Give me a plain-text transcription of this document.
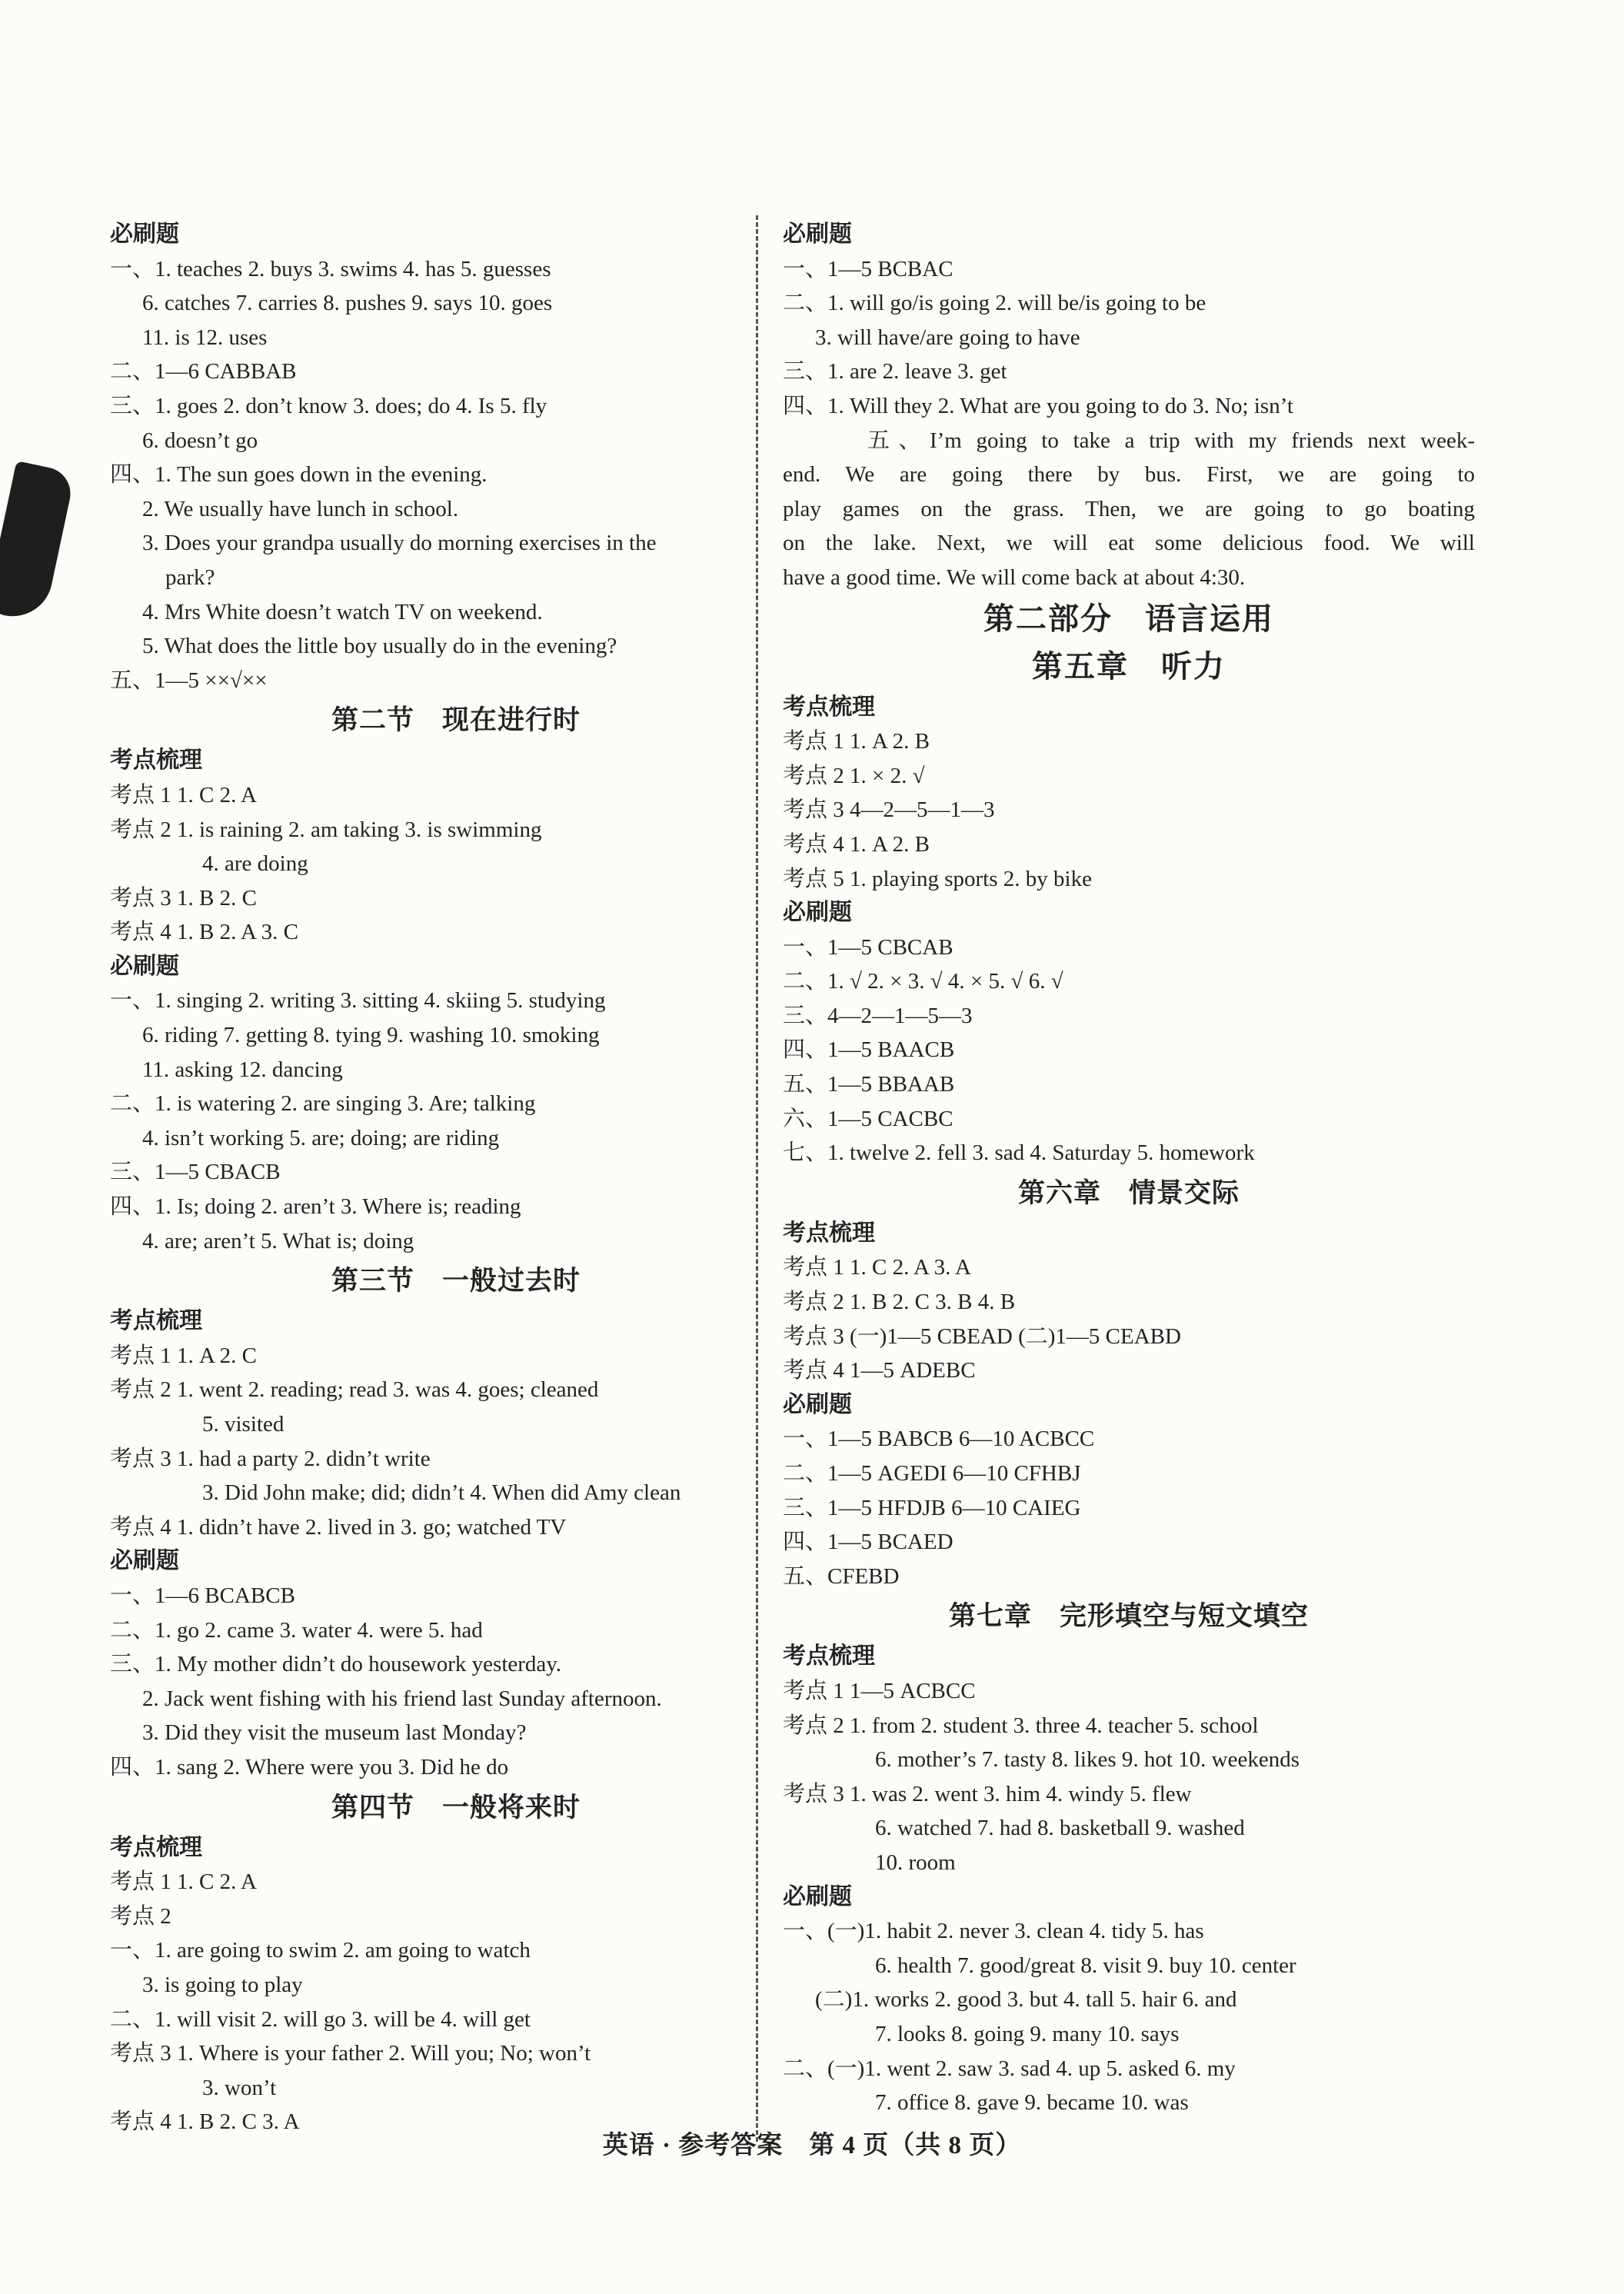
必刷题
一、1. teaches 2. buys 3. swims 4. has 5. guesses
6. catches 7. carries 8. pushes 9. says 10. goes
11. is 12. uses
二、1—6 CABBAB
三、1. goes 2. don’t know 3. does; do 4. Is 5. fly
6. doesn’t go
四、1. The sun goes down in the evening.
2. We usually have lunch in school.
3. Does your grandpa usually do morning exercises in the
park?
4. Mrs White doesn’t watch TV on weekend.
5. What does the little boy usually do in the evening?
五、1—5 ××√××
第二节　现在进行时
考点梳理
考点 1 1. C 2. A
考点 2 1. is raining 2. am taking 3. is swimming
4. are doing
考点 3 1. B 2. C
考点 4 1. B 2. A 3. C
必刷题
一、1. singing 2. writing 3. sitting 4. skiing 5. studying
6. riding 7. getting 8. tying 9. washing 10. smoking
11. asking 12. dancing
二、1. is watering 2. are singing 3. Are; talking
4. isn’t working 5. are; doing; are riding
三、1—5 CBACB
四、1. Is; doing 2. aren’t 3. Where is; reading
4. are; aren’t 5. What is; doing
第三节　一般过去时
考点梳理
考点 1 1. A 2. C
考点 2 1. went 2. reading; read 3. was 4. goes; cleaned
5. visited
考点 3 1. had a party 2. didn’t write
3. Did John make; did; didn’t 4. When did Amy clean
考点 4 1. didn’t have 2. lived in 3. go; watched TV
必刷题
一、1—6 BCABCB
二、1. go 2. came 3. water 4. were 5. had
三、1. My mother didn’t do housework yesterday.
2. Jack went fishing with his friend last Sunday afternoon.
3. Did they visit the museum last Monday?
四、1. sang 2. Where were you 3. Did he do
第四节　一般将来时
考点梳理
考点 1 1. C 2. A
考点 2
一、1. are going to swim 2. am going to watch
3. is going to play
二、1. will visit 2. will go 3. will be 4. will get
考点 3 1. Where is your father 2. Will you; No; won’t
3. won’t
考点 4 1. B 2. C 3. A
必刷题
一、1—5 BCBAC
二、1. will go/is going 2. will be/is going to be
3. will have/are going to have
三、1. are 2. leave 3. get
四、1. Will they 2. What are you going to do 3. No; isn’t
五、I’m going to take a trip with my friends next week-
end. We are going there by bus. First, we are going to
play games on the grass. Then, we are going to go boating
on the lake. Next, we will eat some delicious food. We will
have a good time. We will come back at about 4:30.
第二部分　语言运用
第五章　听力
考点梳理
考点 1 1. A 2. B
考点 2 1. × 2. √
考点 3 4—2—5—1—3
考点 4 1. A 2. B
考点 5 1. playing sports 2. by bike
必刷题
一、1—5 CBCAB
二、1. √ 2. × 3. √ 4. × 5. √ 6. √
三、4—2—1—5—3
四、1—5 BAACB
五、1—5 BBAAB
六、1—5 CACBC
七、1. twelve 2. fell 3. sad 4. Saturday 5. homework
第六章　情景交际
考点梳理
考点 1 1. C 2. A 3. A
考点 2 1. B 2. C 3. B 4. B
考点 3 (一)1—5 CBEAD (二)1—5 CEABD
考点 4 1—5 ADEBC
必刷题
一、1—5 BABCB 6—10 ACBCC
二、1—5 AGEDI 6—10 CFHBJ
三、1—5 HFDJB 6—10 CAIEG
四、1—5 BCAED
五、CFEBD
第七章　完形填空与短文填空
考点梳理
考点 1 1—5 ACBCC
考点 2 1. from 2. student 3. three 4. teacher 5. school
6. mother’s 7. tasty 8. likes 9. hot 10. weekends
考点 3 1. was 2. went 3. him 4. windy 5. flew
6. watched 7. had 8. basketball 9. washed
10. room
必刷题
一、(一)1. habit 2. never 3. clean 4. tidy 5. has
6. health 7. good/great 8. visit 9. buy 10. center
(二)1. works 2. good 3. but 4. tall 5. hair 6. and
7. looks 8. going 9. many 10. says
二、(一)1. went 2. saw 3. sad 4. up 5. asked 6. my
7. office 8. gave 9. became 10. was
英语 · 参考答案　第 4 页（共 8 页）
